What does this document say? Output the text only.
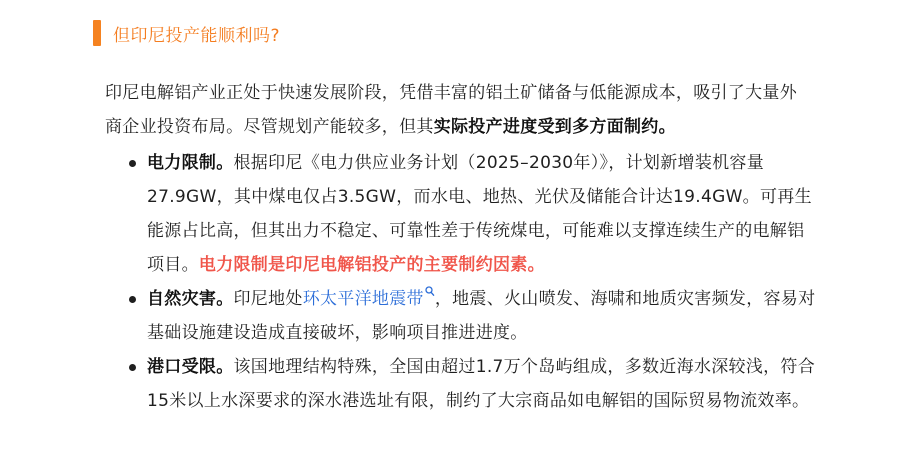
但印尼投产能顺利吗?
印尼电解铝产业正处于快速发展阶段，凭借丰富的铝土矿储备与低能源成本，吸引了大量外商企业投资布局。尽管规划产能较多，但其实际投产进度受到多方面制约。
电力限制。根据印尼《电力供应业务计划（2025–2030年）》，计划新增装机容量27.9GW，其中煤电仅占3.5GW，而水电、地热、光伏及储能合计达19.4GW。可再生能源占比高，但其出力不稳定、可靠性差于传统煤电，可能难以支撑连续生产的电解铝项目。电力限制是印尼电解铝投产的主要制约因素。
自然灾害。印尼地处环太平洋地震带 ，地震、火山喷发、海啸和地质灾害频发，容易对基础设施建设造成直接破坏，影响项目推进进度。
港口受限。该国地理结构特殊，全国由超过1.7万个岛屿组成，多数近海水深较浅，符合15米以上水深要求的深水港选址有限，制约了大宗商品如电解铝的国际贸易物流效率。
